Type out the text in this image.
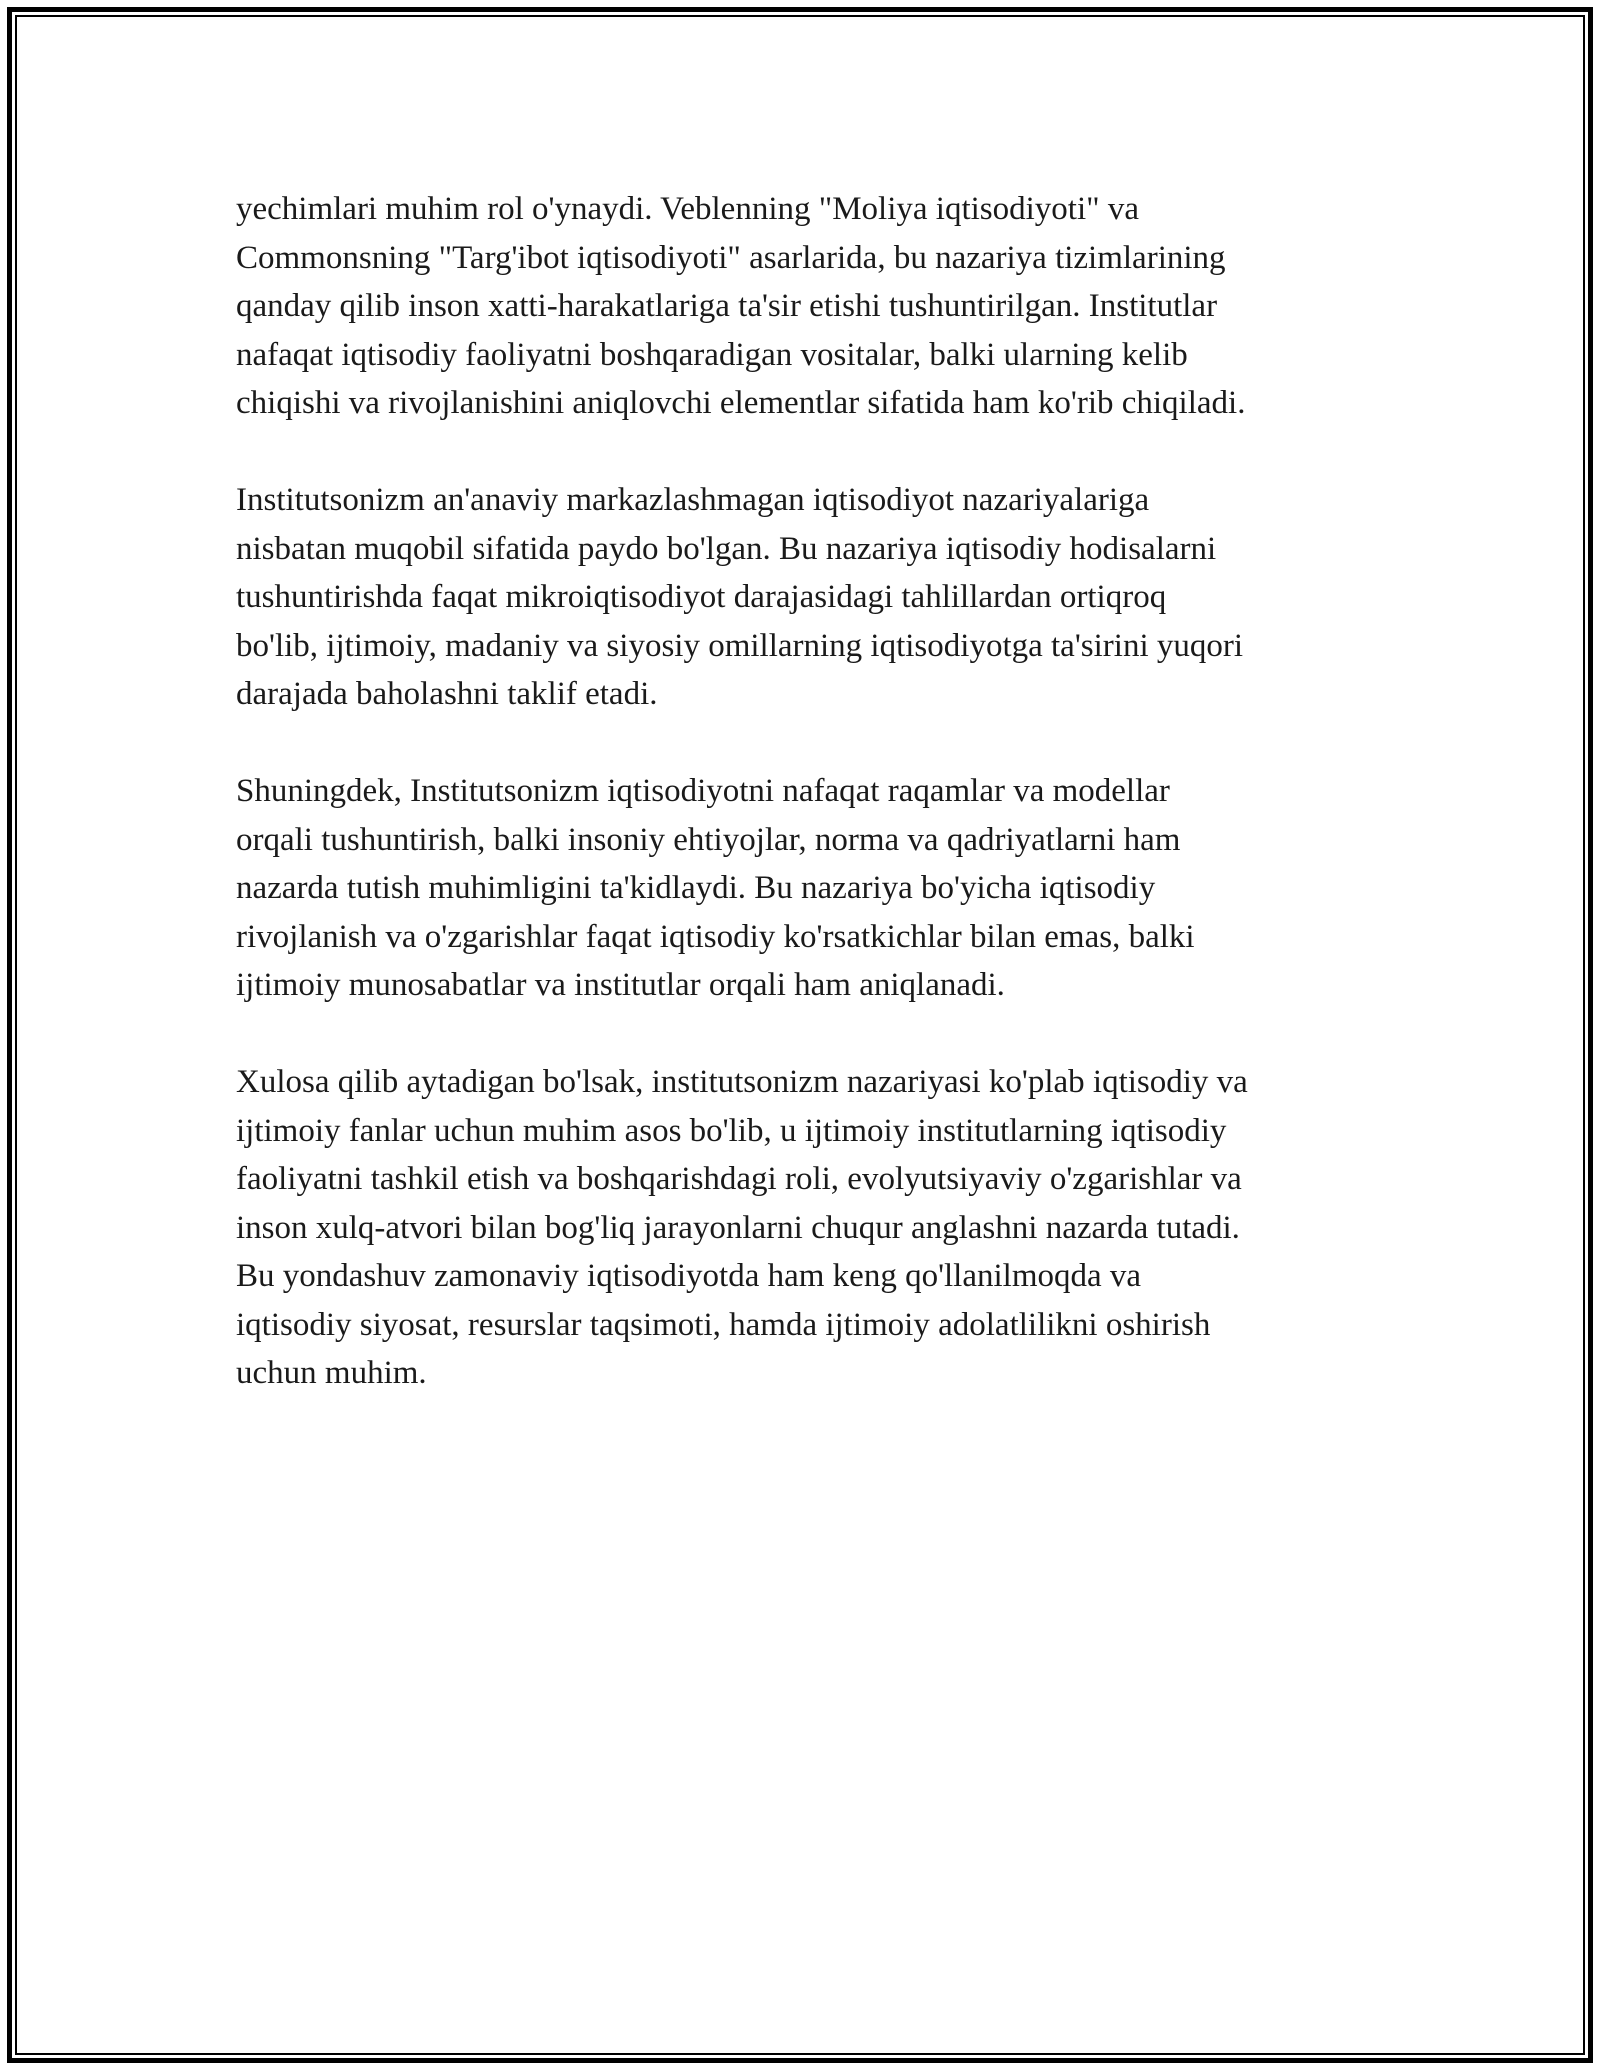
yechimlari muhim rol o'ynaydi. Veblenning "Moliya iqtisodiyoti" va
Commonsning "Targ'ibot iqtisodiyoti" asarlarida, bu nazariya tizimlarining
qanday qilib inson xatti-harakatlariga ta'sir etishi tushuntirilgan. Institutlar
nafaqat iqtisodiy faoliyatni boshqaradigan vositalar, balki ularning kelib
chiqishi va rivojlanishini aniqlovchi elementlar sifatida ham ko'rib chiqiladi.

Institutsonizm an'anaviy markazlashmagan iqtisodiyot nazariyalariga
nisbatan muqobil sifatida paydo bo'lgan. Bu nazariya iqtisodiy hodisalarni
tushuntirishda faqat mikroiqtisodiyot darajasidagi tahlillardan ortiqroq
bo'lib, ijtimoiy, madaniy va siyosiy omillarning iqtisodiyotga ta'sirini yuqori
darajada baholashni taklif etadi.

Shuningdek, Institutsonizm iqtisodiyotni nafaqat raqamlar va modellar
orqali tushuntirish, balki insoniy ehtiyojlar, norma va qadriyatlarni ham
nazarda tutish muhimligini ta'kidlaydi. Bu nazariya bo'yicha iqtisodiy
rivojlanish va o'zgarishlar faqat iqtisodiy ko'rsatkichlar bilan emas, balki
ijtimoiy munosabatlar va institutlar orqali ham aniqlanadi.

Xulosa qilib aytadigan bo'lsak, institutsonizm nazariyasi ko'plab iqtisodiy va
ijtimoiy fanlar uchun muhim asos bo'lib, u ijtimoiy institutlarning iqtisodiy
faoliyatni tashkil etish va boshqarishdagi roli, evolyutsiyaviy o'zgarishlar va
inson xulq-atvori bilan bog'liq jarayonlarni chuqur anglashni nazarda tutadi.
Bu yondashuv zamonaviy iqtisodiyotda ham keng qo'llanilmoqda va
iqtisodiy siyosat, resurslar taqsimoti, hamda ijtimoiy adolatlilikni oshirish
uchun muhim.
